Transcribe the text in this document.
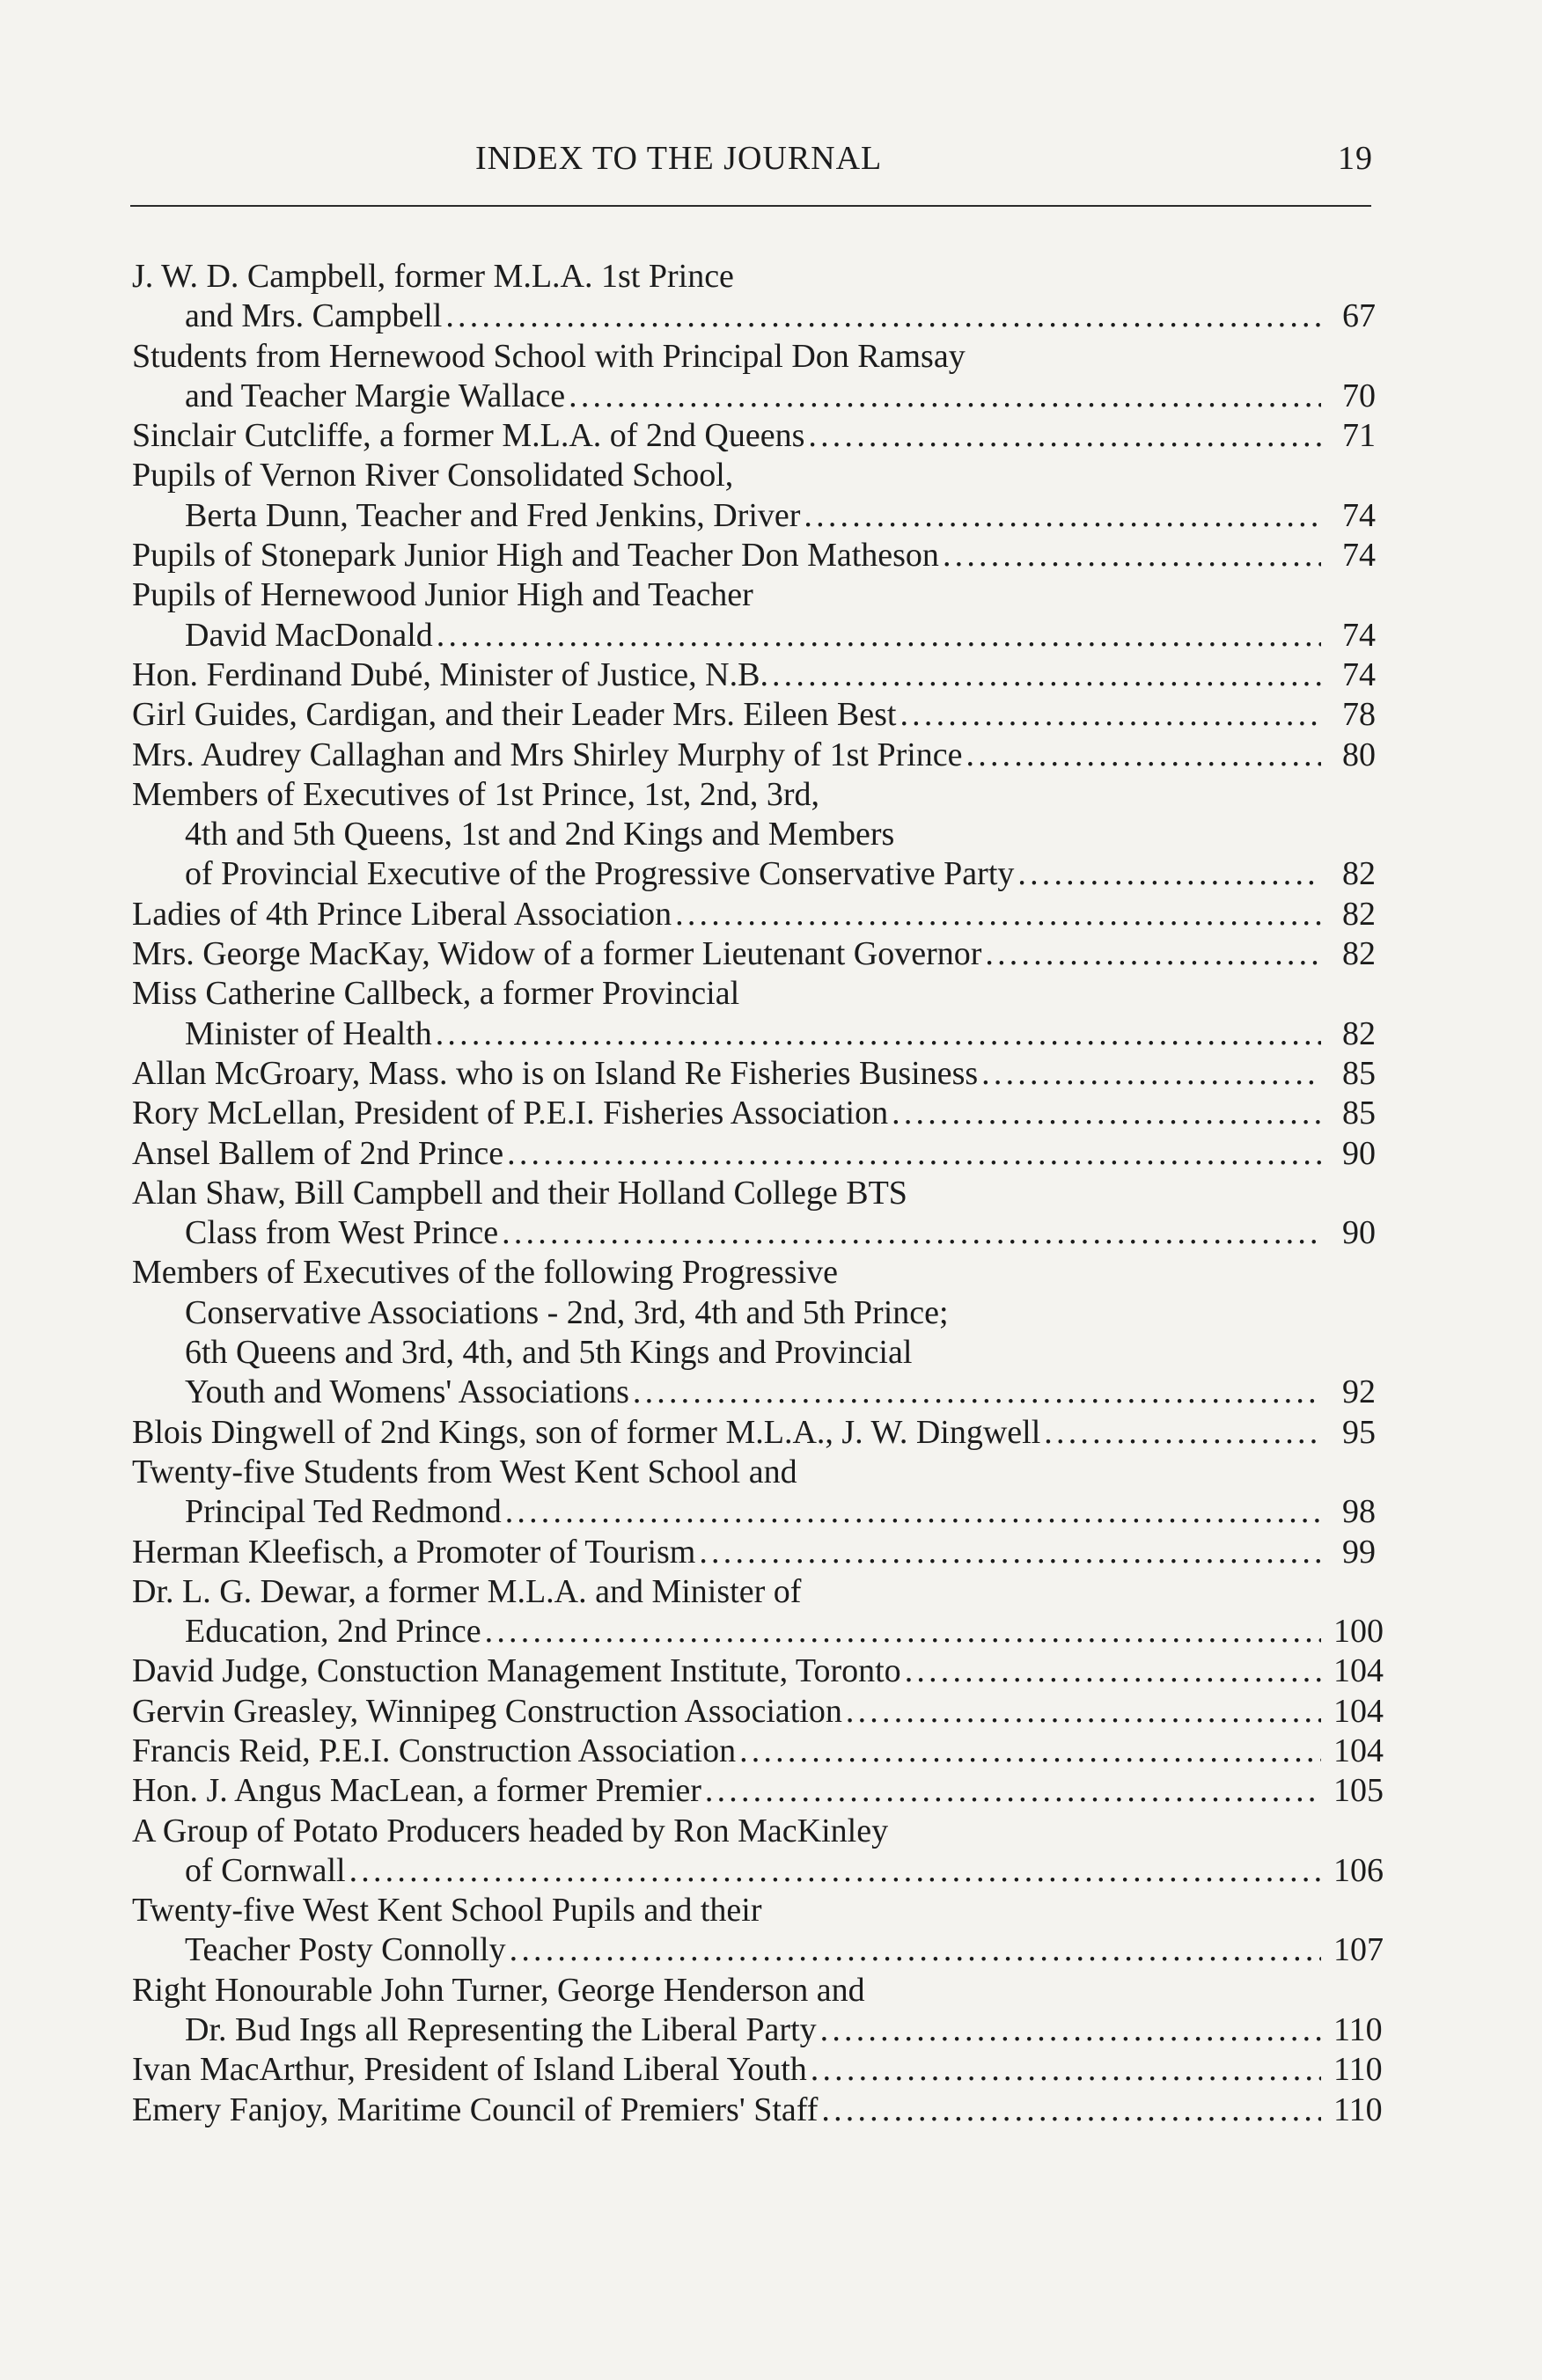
INDEX TO THE JOURNAL	19
J. W. D. Campbell, former M.L.A. 1st Prince
and Mrs. Campbell .....	67
Students from Hernewood School with Principal Don Ramsay
and Teacher Margie Wallace .....	70
Sinclair Cutcliffe, a former M.L.A. of 2nd Queens .....	71
Pupils of Vernon River Consolidated School,
Berta Dunn, Teacher and Fred Jenkins, Driver .....	74
Pupils of Stonepark Junior High and Teacher Don Matheson .....	74
Pupils of Hernewood Junior High and Teacher
David MacDonald .....	74
Hon. Ferdinand Dubé, Minister of Justice, N.B. .....	74
Girl Guides, Cardigan, and their Leader Mrs. Eileen Best .....	78
Mrs. Audrey Callaghan and Mrs Shirley Murphy of 1st Prince .....	80
Members of Executives of 1st Prince, 1st, 2nd, 3rd,
4th and 5th Queens, 1st and 2nd Kings and Members
of Provincial Executive of the Progressive Conservative Party .....	82
Ladies of 4th Prince Liberal Association .....	82
Mrs. George MacKay, Widow of a former Lieutenant Governor .....	82
Miss Catherine Callbeck, a former Provincial
Minister of Health .....	82
Allan McGroary, Mass. who is on Island Re Fisheries Business .....	85
Rory McLellan, President of P.E.I. Fisheries Association .....	85
Ansel Ballem of 2nd Prince .....	90
Alan Shaw, Bill Campbell and their Holland College BTS
Class from West Prince .....	90
Members of Executives of the following Progressive
Conservative Associations - 2nd, 3rd, 4th and 5th Prince;
6th Queens and 3rd, 4th, and 5th Kings and Provincial
Youth and Womens' Associations .....	92
Blois Dingwell of 2nd Kings, son of former M.L.A., J. W. Dingwell .....	95
Twenty-five Students from West Kent School and
Principal Ted Redmond .....	98
Herman Kleefisch, a Promoter of Tourism .....	99
Dr. L. G. Dewar, a former M.L.A. and Minister of
Education, 2nd Prince .....	100
David Judge, Constuction Management Institute, Toronto .....	104
Gervin Greasley, Winnipeg Construction Association .....	104
Francis Reid, P.E.I. Construction Association .....	104
Hon. J. Angus MacLean, a former Premier .....	105
A Group of Potato Producers headed by Ron MacKinley
of Cornwall .....	106
Twenty-five West Kent School Pupils and their
Teacher Posty Connolly .....	107
Right Honourable John Turner, George Henderson and
Dr. Bud Ings all Representing the Liberal Party .....	110
Ivan MacArthur, President of Island Liberal Youth .....	110
Emery Fanjoy, Maritime Council of Premiers' Staff .....	110
